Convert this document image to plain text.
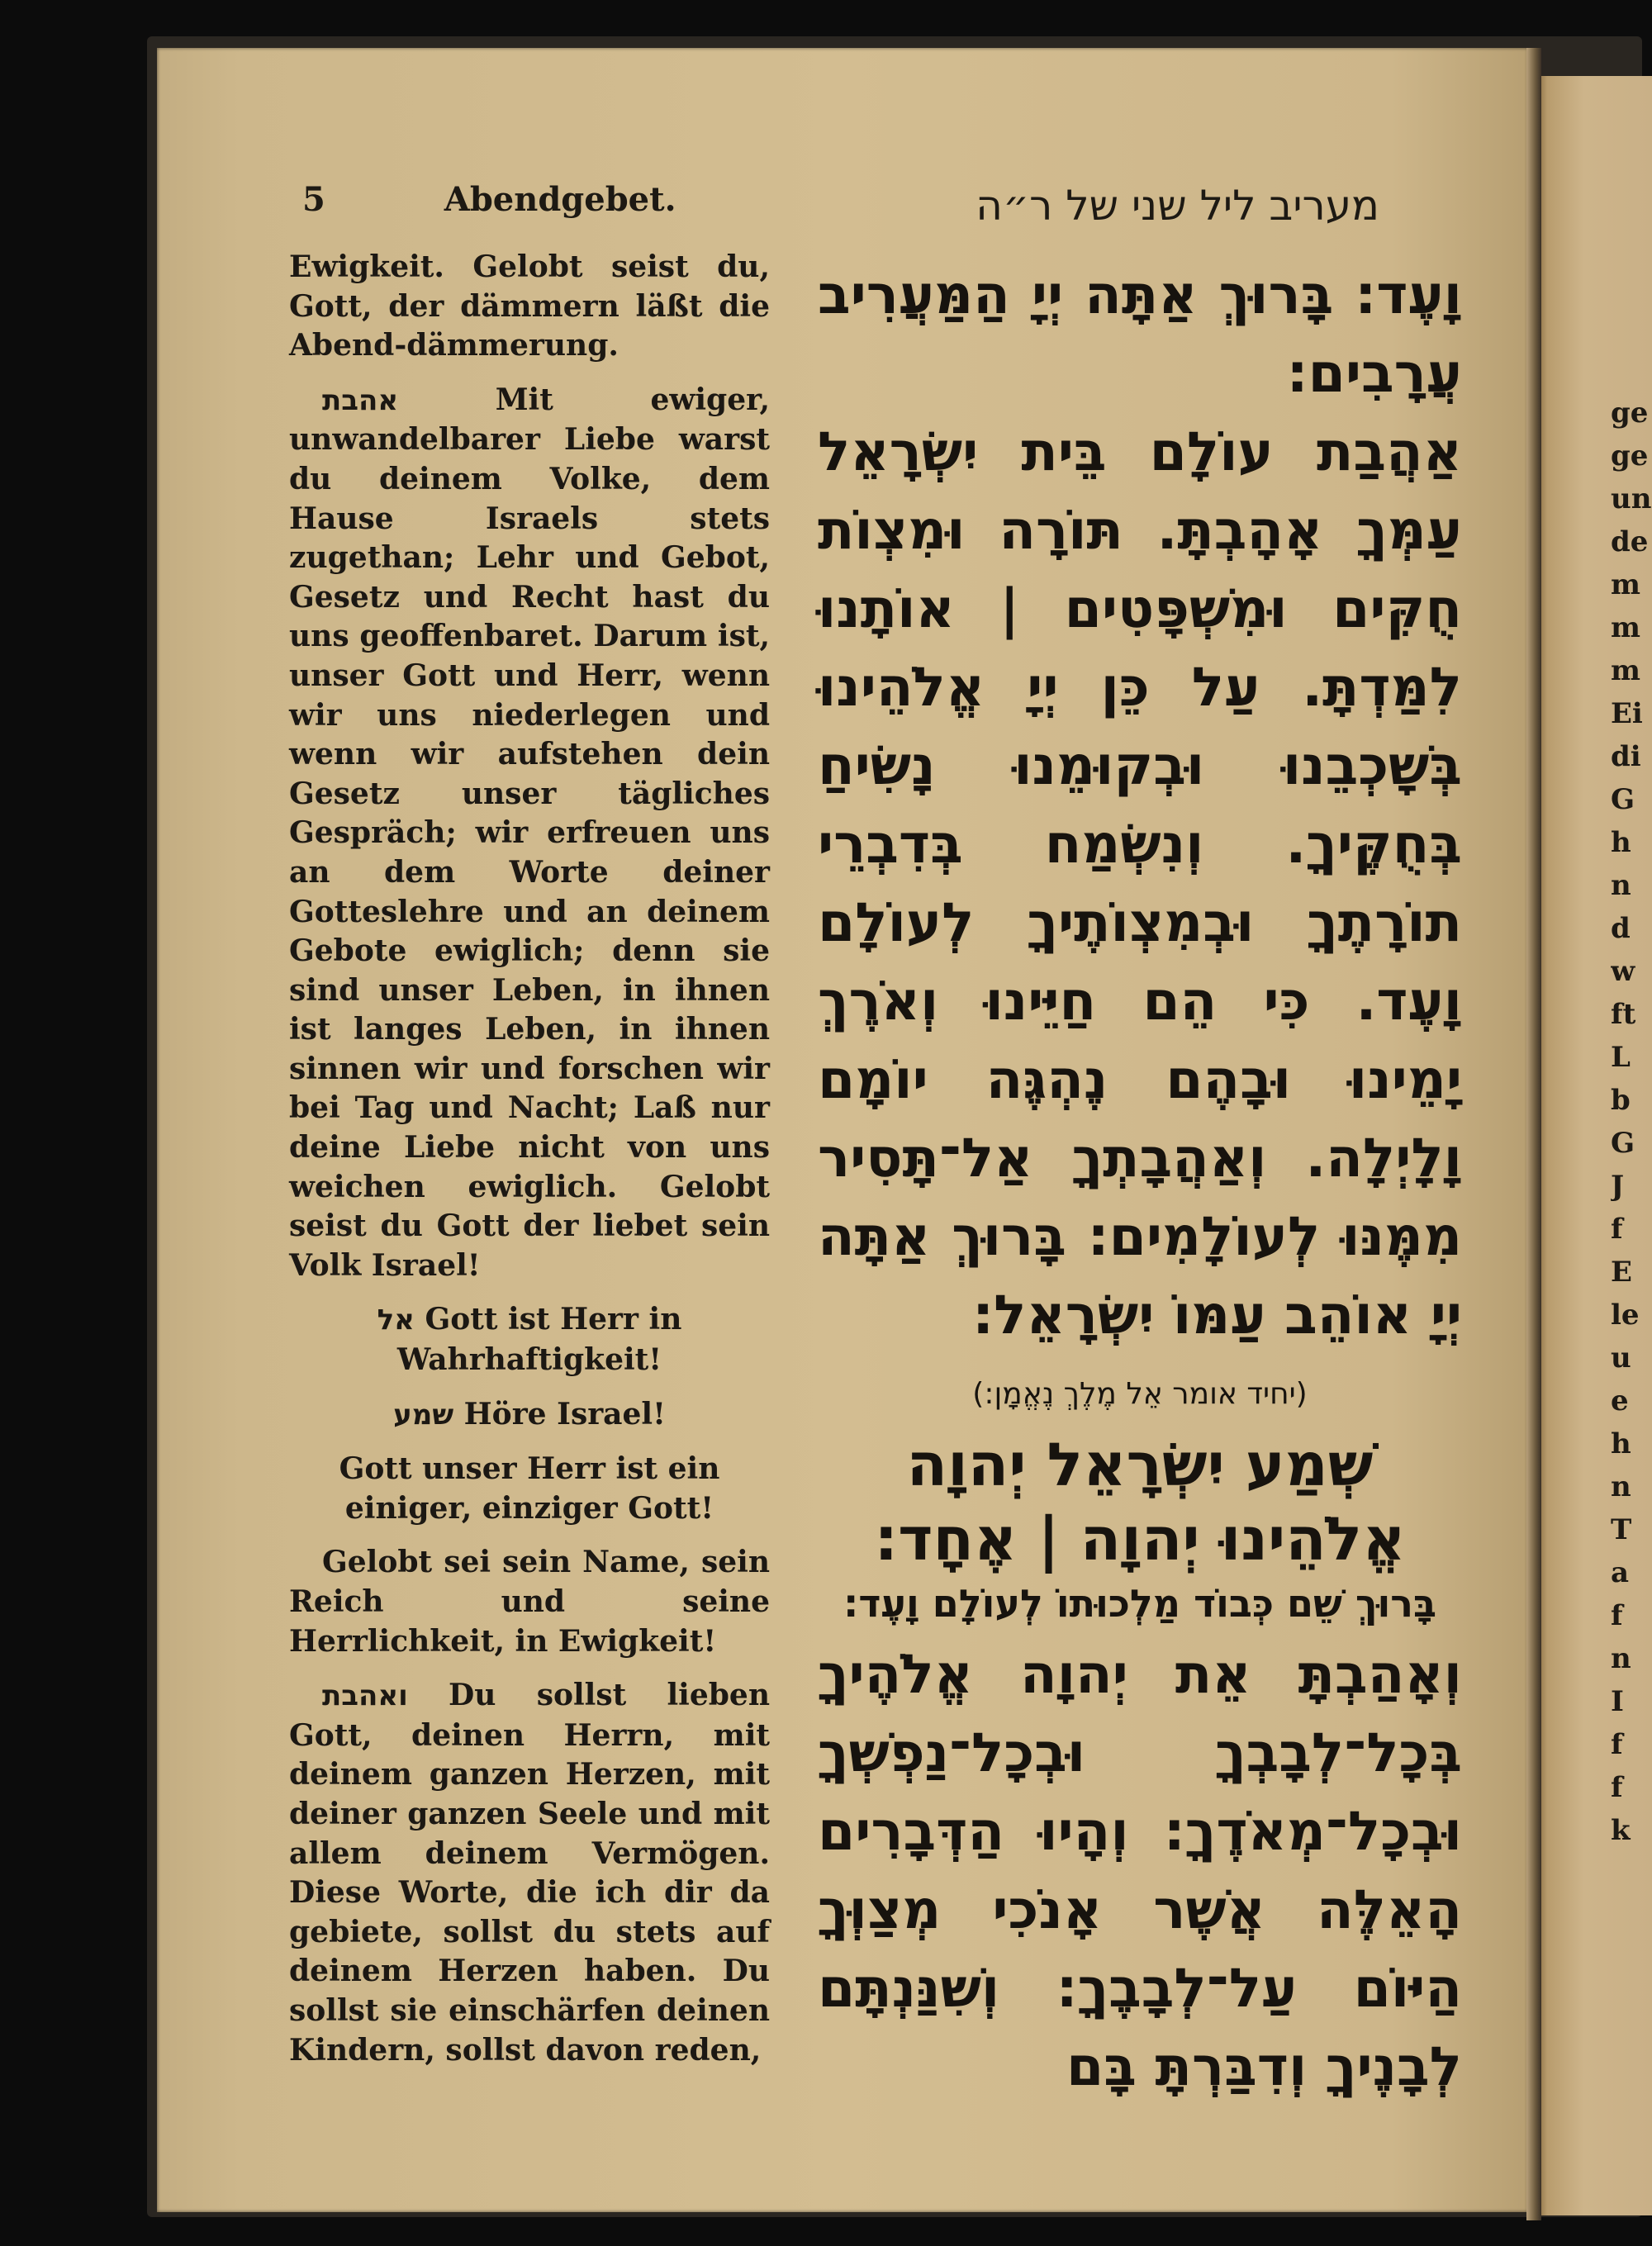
5	Abendgebet.	מעריב ליל שני של ר״ה

Ewigkeit. Gelobt seist du, Gott, der dämmern läßt die Abend-dämmerung.

אהבת	Mit ewiger, unwandelbarer Liebe warst du deinem Volke, dem Hause Israels stets zugethan; Lehr und Gebot, Gesetz und Recht hast du uns geoffenbaret. Darum ist, unser Gott und Herr, wenn wir uns niederlegen und wenn wir aufstehen dein Gesetz unser tägliches Gespräch; wir erfreuen uns an dem Worte deiner Gotteslehre und an deinem Gebote ewiglich; denn sie sind unser Leben, in ihnen ist langes Leben, in ihnen sinnen wir und forschen wir bei Tag und Nacht; Laß nur deine Liebe nicht von uns weichen ewiglich. Gelobt seist du Gott der liebet sein Volk Israel!

אל Gott ist Herr in Wahrhaftigkeit!

שמע Höre Israel!

Gott unser Herr ist ein einiger, einziger Gott!

Gelobt sei sein Name, sein Reich und seine Herrlichkeit, in Ewigkeit!

ואהבת Du sollst lieben Gott, deinen Herrn, mit deinem ganzen Herzen, mit deiner ganzen Seele und mit allem deinem Vermögen. Diese Worte, die ich dir da gebiete, sollst du stets auf deinem Herzen haben. Du sollst sie einschärfen deinen Kindern, sollst davon reden,

וָעֶד: בָּרוּךְ אַתָּה יְיָ הַמַּעֲרִיב עֲרָבִים:

אַהֲבַת עוֹלָם בֵּית יִשְׂרָאֵל עַמְּךָ אָהָבְתָּ. תּוֹרָה וּמִצְוֹת חֻקִּים וּמִשְׁפָּטִים | אוֹתָנוּ לִמַּדְתָּ. עַל כֵּן יְיָ אֱלֹהֵינוּ בְּשָׁכְבֵנוּ וּבְקוּמֵנוּ נָשִׂיחַ בְּחֻקֶּיךָ. וְנִשְׂמַח בְּדִבְרֵי תוֹרָתֶךָ וּבְמִצְוֹתֶיךָ לְעוֹלָם וָעֶד. כִּי הֵם חַיֵּינוּ וְאֹרֶךְ יָמֵינוּ וּבָהֶם נֶהְגֶּה יוֹמָם וָלָיְלָה. וְאַהֲבָתְךָ אַל־תָּסִיר מִמֶּנּוּ לְעוֹלָמִים: בָּרוּךְ אַתָּה יְיָ אוֹהֵב עַמּוֹ יִשְׂרָאֵל:

(יחיד אומר אֵל מֶלֶךְ נֶאֱמָן:)

שְׁמַע יִשְׂרָאֵל יְהוָה אֱלֹהֵינוּ יְהוָה | אֶחָד:

בָּרוּךְ שֵׁם כְּבוֹד מַלְכוּתוֹ לְעוֹלָם וָעֶד:

וְאָהַבְתָּ אֵת יְהוָה אֱלֹהֶיךָ בְּכָל־לְבָבְךָ וּבְכָל־נַפְשְׁךָ וּבְכָל־מְאֹדֶךָ: וְהָיוּ הַדְּבָרִים הָאֵלֶּה אֲשֶׁר אָנֹכִי מְצַוְּךָ הַיּוֹם עַל־לְבָבֶךָ: וְשִׁנַּנְתָּם לְבָנֶיךָ וְדִבַּרְתָּ בָּם

ge
ge
un
de
m
m
m
Ei
di
G
h
n
d
w
ft
L
b
G
J
f
E
le
u
e
h
n
T
a
f
n
I
f
f
k
